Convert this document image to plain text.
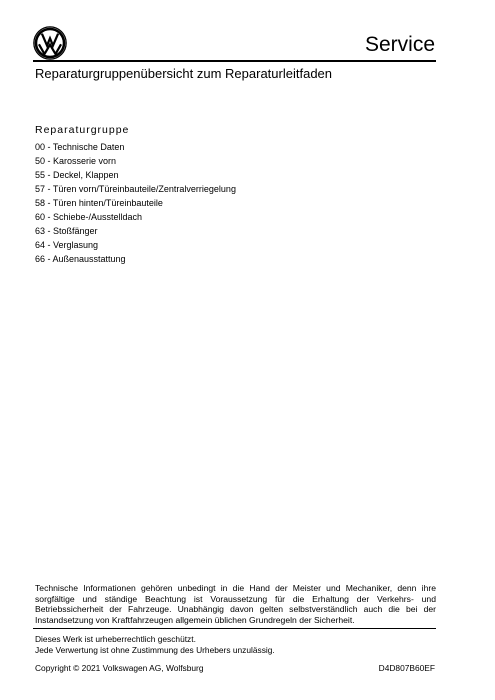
Service
Reparaturgruppenübersicht zum Reparaturleitfaden
Reparaturgruppe
00 - Technische Daten
50 - Karosserie vorn
55 - Deckel, Klappen
57 - Türen vorn/Türeinbauteile/Zentralverriegelung
58 - Türen hinten/Türeinbauteile
60 - Schiebe-/Ausstelldach
63 - Stoßfänger
64 - Verglasung
66 - Außenausstattung

Technische Informationen gehören unbedingt in die Hand der Meister und Mechaniker, denn ihre sorgfältige und ständige Beachtung ist Voraussetzung für die Erhaltung der Verkehrs- und Betriebssicherheit der Fahrzeuge. Unabhängig davon gelten selbstverständlich auch die bei der Instandsetzung von Kraftfahrzeugen allgemein üblichen Grundregeln der Sicherheit.

Dieses Werk ist urheberrechtlich geschützt.
Jede Verwertung ist ohne Zustimmung des Urhebers unzulässig.
Copyright © 2021 Volkswagen AG, Wolfsburg	D4D807B60EF
